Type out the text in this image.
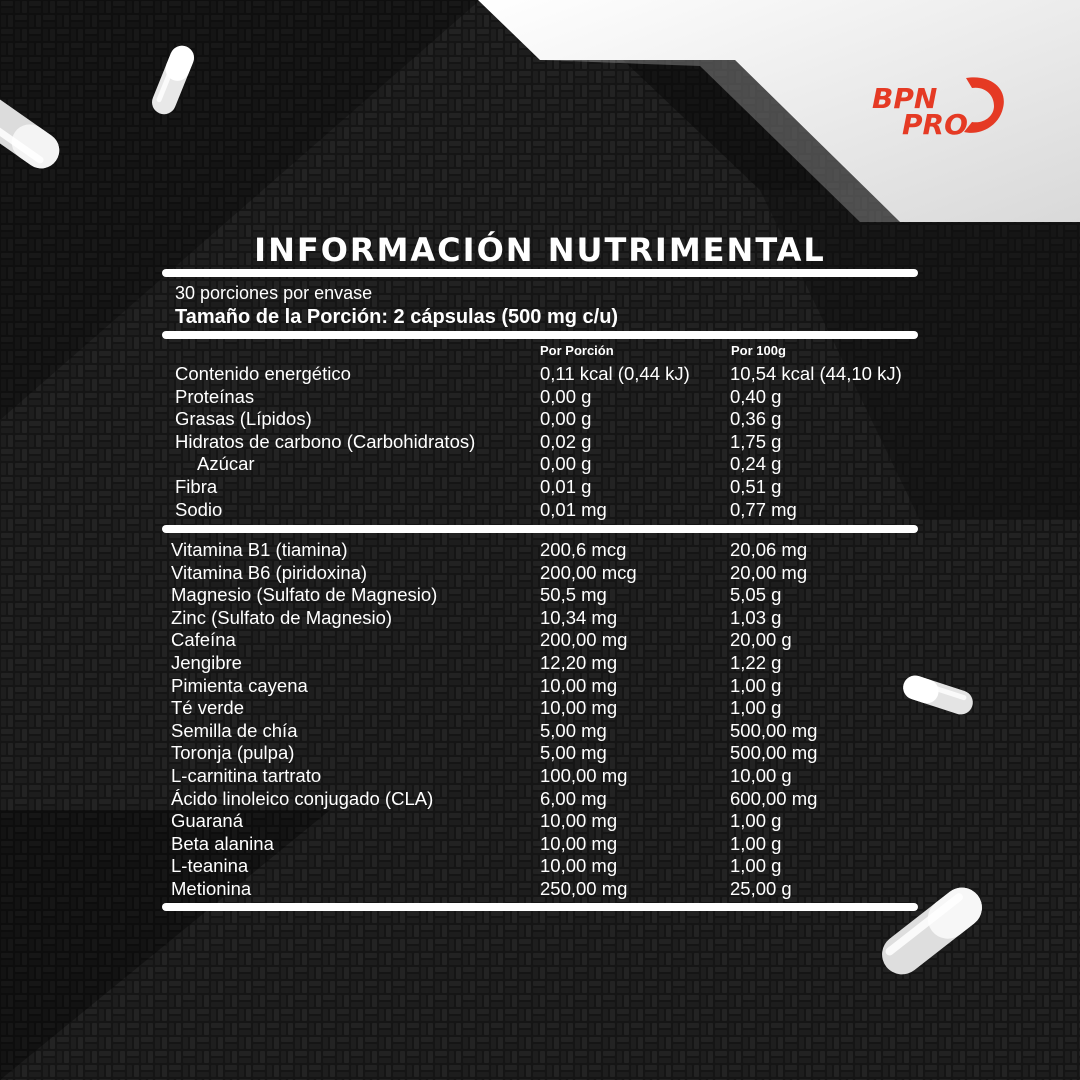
BPN
PRO
INFORMACIÓN NUTRIMENTAL
30 porciones por envase
Tamaño de la Porción: 2 cápsulas (500 mg c/u)
Por Porción	Por 100g
Contenido energético	0,11 kcal (0,44 kJ)	10,54 kcal (44,10 kJ)
Proteínas	0,00 g	0,40 g
Grasas (Lípidos)	0,00 g	0,36 g
Hidratos de carbono (Carbohidratos)	0,02 g	1,75 g
Azúcar	0,00 g	0,24 g
Fibra	0,01 g	0,51 g
Sodio	0,01 mg	0,77 mg
Vitamina B1 (tiamina)	200,6 mcg	20,06 mg
Vitamina B6 (piridoxina)	200,00 mcg	20,00 mg
Magnesio (Sulfato de Magnesio)	50,5 mg	5,05 g
Zinc (Sulfato de Magnesio)	10,34 mg	1,03 g
Cafeína	200,00 mg	20,00 g
Jengibre	12,20 mg	1,22 g
Pimienta cayena	10,00 mg	1,00 g
Té verde	10,00 mg	1,00 g
Semilla de chía	5,00 mg	500,00 mg
Toronja (pulpa)	5,00 mg	500,00 mg
L-carnitina tartrato	100,00 mg	10,00 g
Ácido linoleico conjugado (CLA)	6,00 mg	600,00 mg
Guaraná	10,00 mg	1,00 g
Beta alanina	10,00 mg	1,00 g
L-teanina	10,00 mg	1,00 g
Metionina	250,00 mg	25,00 g
